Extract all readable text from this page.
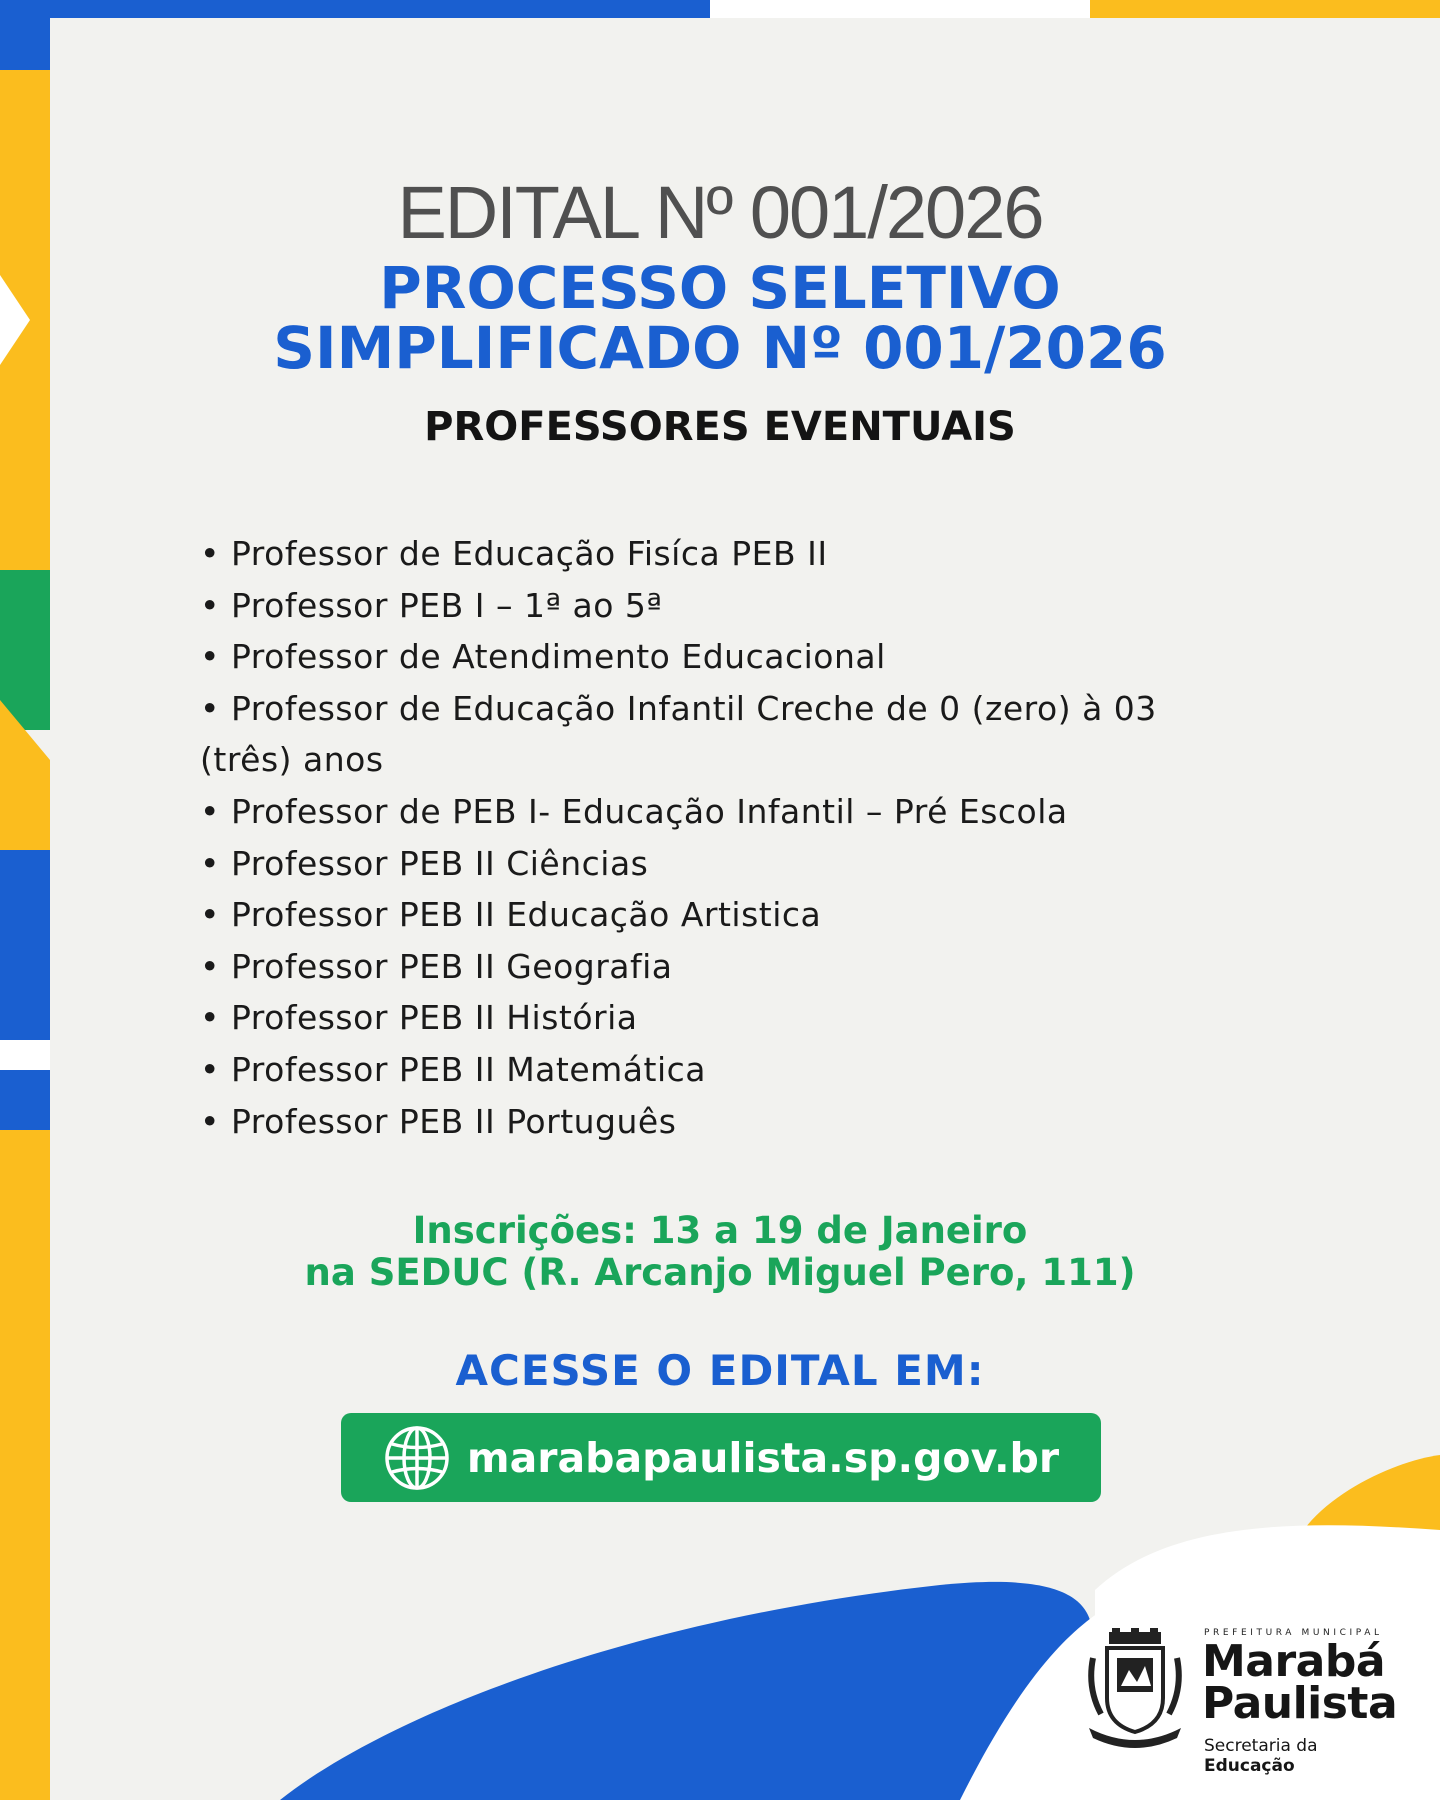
EDITAL Nº 001/2026
PROCESSO SELETIVO
SIMPLIFICADO Nº 001/2026
PROFESSORES EVENTUAIS
• Professor de Educação Fisíca PEB II
• Professor PEB I – 1ª ao 5ª
• Professor de Atendimento Educacional
• Professor de Educação Infantil Creche de 0 (zero) à 03 (três) anos
• Professor de PEB I- Educação Infantil – Pré Escola
• Professor PEB II Ciências
• Professor PEB II Educação Artistica
• Professor PEB II Geografia
• Professor PEB II História
• Professor PEB II Matemática
• Professor PEB II Português
Inscrições: 13 a 19 de Janeiro
na SEDUC (R. Arcanjo Miguel Pero, 111)
ACESSE O EDITAL EM:
marabapaulista.sp.gov.br
PREFEITURA MUNICIPAL
Marabá
Paulista
Secretaria da
Educação
